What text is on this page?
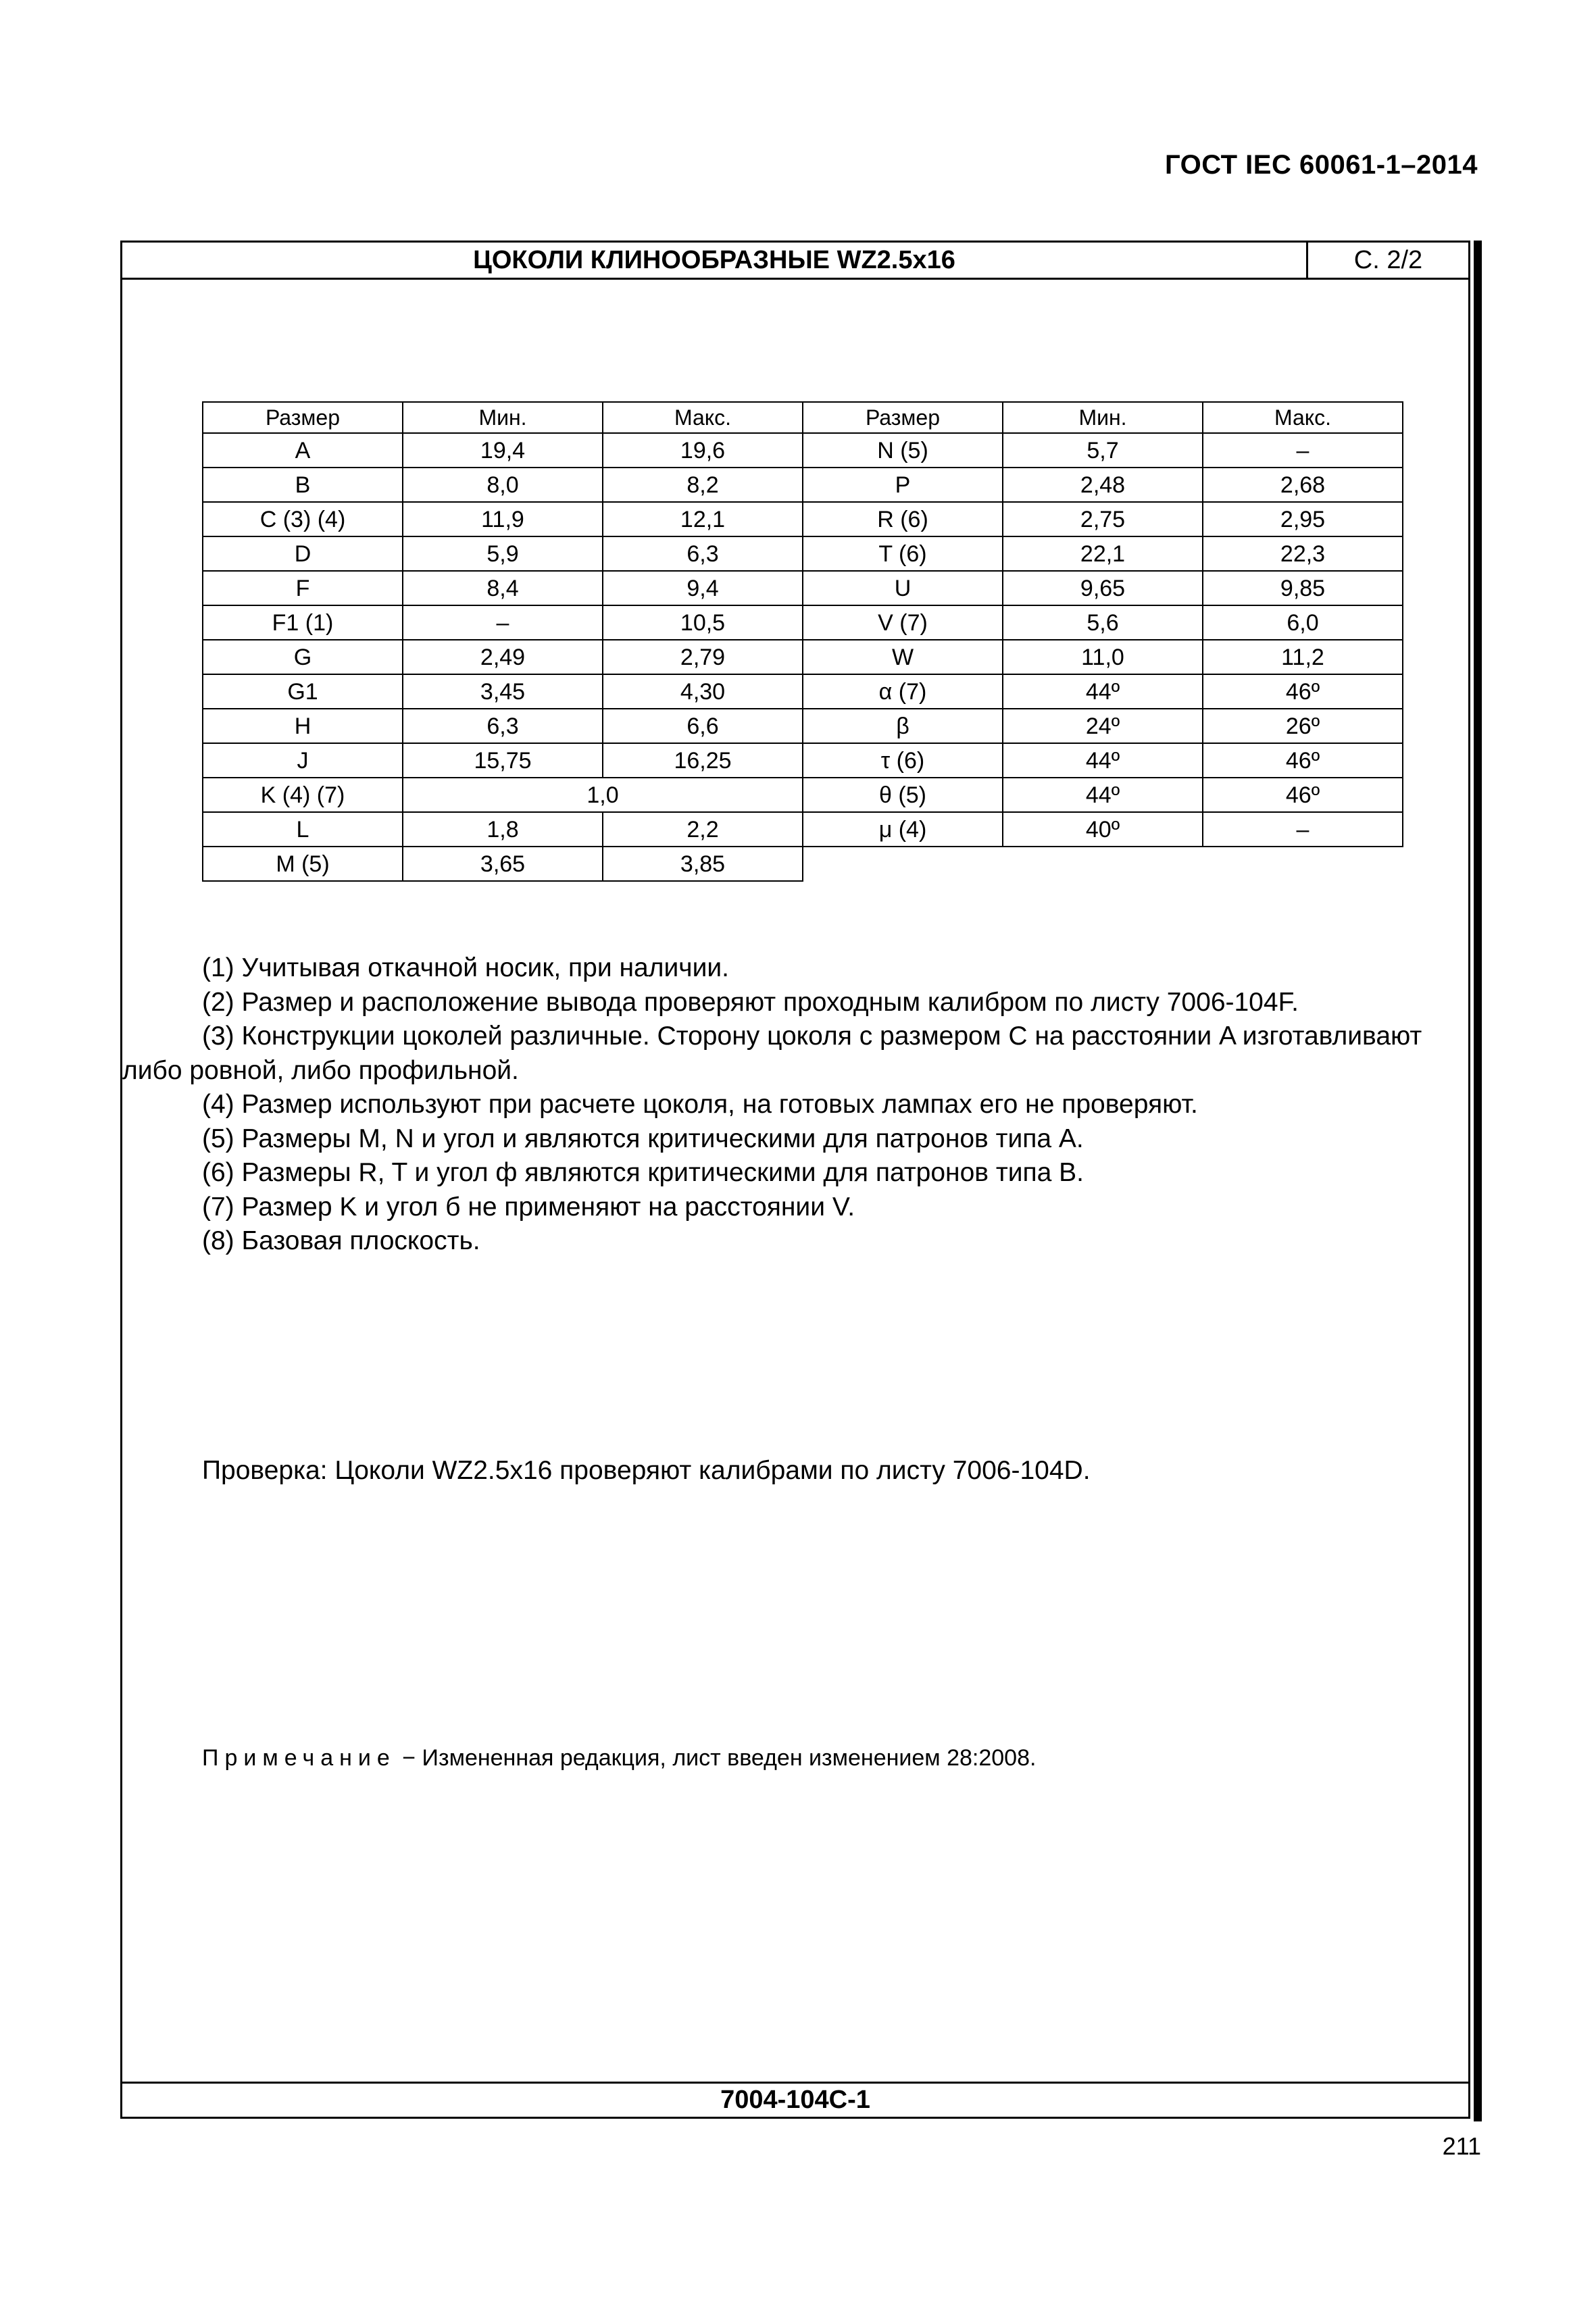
ГОСТ IEC 60061-1–2014
ЦОКОЛИ КЛИНООБРАЗНЫЕ WZ2.5x16	С. 2/2
Размер	Мин.	Макс.	Размер	Мин.	Макс.
A	19,4	19,6	N (5)	5,7	–
B	8,0	8,2	P	2,48	2,68
C (3) (4)	11,9	12,1	R (6)	2,75	2,95
D	5,9	6,3	T (6)	22,1	22,3
F	8,4	9,4	U	9,65	9,85
F1 (1)	–	10,5	V (7)	5,6	6,0
G	2,49	2,79	W	11,0	11,2
G1	3,45	4,30	α (7)	44º	46º
H	6,3	6,6	β	24º	26º
J	15,75	16,25	τ (6)	44º	46º
K (4) (7)	1,0		θ (5)	44º	46º
L	1,8	2,2	μ (4)	40º	–
M (5)	3,65	3,85			
(1) Учитывая откачной носик, при наличии.
(2) Размер и расположение вывода проверяют проходным калибром по листу 7006-104F.
(3) Конструкции цоколей различные. Сторону цоколя с размером C на расстоянии A изготавливают
либо ровной, либо профильной.
(4) Размер используют при расчете цоколя, на готовых лампах его не проверяют.
(5) Размеры M, N и угол и являются критическими для патронов типа A.
(6) Размеры R, T и угол ф являются критическими для патронов типа B.
(7) Размер K и угол б не применяют на расстоянии V.
(8) Базовая плоскость.
Проверка: Цоколи WZ2.5x16 проверяют калибрами по листу 7006-104D.
Примечание − Измененная редакция, лист введен изменением 28:2008.
7004-104С-1
211
